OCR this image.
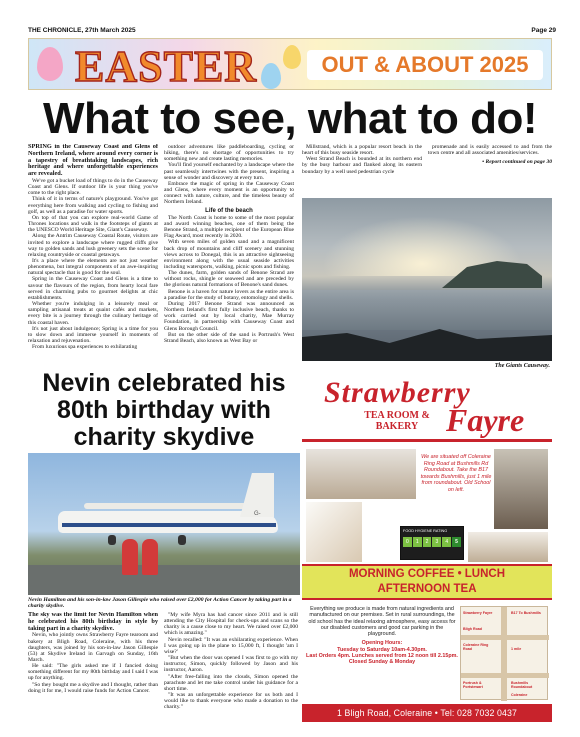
THE CHRONICLE, 27th March 2025	Page 29
EASTER	OUT & ABOUT 2025
What to see, what to do!

SPRING in the Causeway Coast and Glens of Northern Ireland, where around every corner is a tapestry of breathtaking landscapes, rich heritage and where unforgettable experiences are revealed.

We've got a bucket load of things to do in the Causeway Coast and Glens. If outdoor life is your thing you've come to the right place.

Think of it in terms of nature's playground. You've got everything here from walking and cycling to fishing and golf, as well as a paradise for water sports.

On top of that you can explore real-world Game of Thrones locations and walk in the footsteps of giants at the UNESCO World Heritage Site, Giant's Causeway.

Along the Antrim Causeway Coastal Route, visitors are invited to explore a landscape where rugged cliffs give way to golden sands and lush greenery sets the scene for relaxing countryside or coastal getaways.

It's a place where the elements are not just weather phenomena, but integral components of an awe-inspiring natural spectacle that is good for the soul.

Spring in the Causeway Coast and Glens is a time to savour the flavours of the region, from hearty local fare served in charming pubs to gourmet delights at chic establishments.

Whether you're indulging in a leisurely meal or sampling artisanal treats at quaint cafés and markets, every bite is a journey through the culinary heritage of this coastal haven.

It's not just about indulgence; Spring is a time for you to slow down and immerse yourself in moments of relaxation and rejuvenation.

From luxurious spa experiences to exhilarating

outdoor adventures like paddleboarding, cycling or hiking, there's no shortage of opportunities to try something new and create lasting memories.

You'll find yourself enchanted by a landscape where the past seamlessly intertwines with the present, inspiring a sense of wonder and discovery at every turn.

Embrace the magic of spring in the Causeway Coast and Glens, where every moment is an opportunity to connect with nature, culture, and the timeless beauty of Northern Ireland.

Life of the beach

The North Coast is home to some of the most popular and award winning beaches, one of them being the Benone Strand, a multiple recipient of the European Blue Flag Award, most recently in 2020.

With seven miles of golden sand and a magnificent back drop of mountains and cliff scenery and stunning views across to Donegal, this is an attractive sightseeing environment along with the usual seaside activities including watersports, walking, picnic spots and fishing.

The dunes, farm, golden sands of Benone Strand are without rocks, shingle or seaweed and are preceded by the glorious natural formations of Benone's sand dunes.

Benone is a haven for nature lovers as the entire area is a paradise for the study of botany, entomology and shells.

During 2017 Benone Strand was announced as Northern Ireland's first fully inclusive beach, thanks to work carried out by local charity, Mae Murray Foundation, in partnership with Causeway Coast and Glens Borough Council.

But on the other side of the sand is Portrush's West Strand Beach, also known as West Bay or

Millstrand, which is a popular resort beach in the heart of this busy seaside resort.

West Strand Beach is bounded at its northern end by the busy harbour and flanked along its eastern boundary by a well used pedestrian cycle

promenade and is easily accessed to and from the town centre and all associated amenities/services.

• Report continued on page 30

The Giants Causeway.
Nevin celebrated his 80th birthday with charity skydive
G-
Nevin Hamilton and his son-in-law Jason Gillespie who raised over £2,000 for Action Cancer by taking part in a charity skydive.

The sky was the limit for Nevin Hamilton when he celebrated his 80th birthday in style by taking part in a charity skydive.

Nevin, who jointly owns Strawberry Fayre tearoom and bakery at Bligh Road, Coleraine, with his three daughters, was joined by his son-in-law Jason Gillespie (53) at Skydive Ireland in Garvagh on Sunday, 16th March.

He said: "The girls asked me if I fancied doing something different for my 80th birthday and I said I was up for anything.

"So they bought me a skydive and I thought, rather than doing it for me, I would raise funds for Action Cancer.

"My wife Myra has had cancer since 2011 and is still attending the City Hospital for check-ups and scans so the charity is a cause close to my heart. We raised over £2,000 which is amazing."

Nevin recalled: "It was an exhilarating experience. When I was going up in the plane to 15,000 ft, I thought 'am I wise?'

"But when the door was opened I was first to go with my instructor, Simon, quickly followed by Jason and his instructor, Aaron.

"After free-falling into the clouds, Simon opened the parachute and let me take control under his guidance for a short time.

"It was an unforgettable experience for us both and I would like to thank everyone who made a donation to the charity."

Strawberry
TEA ROOM &
BAKERY Fayre
We are situated off Coleraine Ring Road at Bushmills Rd Roundabout. Take the B17 towards Bushmills, just 1 mile from roundabout. Old School on left.
FOOD HYGIENE RATING
0	1	2	3	4	5
MORNING COFFEE • LUNCH
AFTERNOON TEA
Everything we produce is made from natural ingredients and manufactured on our premises. Set in rural surroundings, the old school has the ideal relaxing atmosphere, easy access for our disabled customers and good car parking in the playground.
Opening Hours:
Tuesday to Saturday 10am-4.30pm.
Last Orders 4pm. Lunches served from 12 noon till 2.15pm. Closed Sunday & Monday
Strawberry Fayre	B17 To Bushmills
Bligh Road
1 mile
Coleraine Ring Road
Portrush & Portstewart
Bushmills Roundabout
Coleraine
1 Bligh Road, Coleraine • Tel: 028 7032 0437
